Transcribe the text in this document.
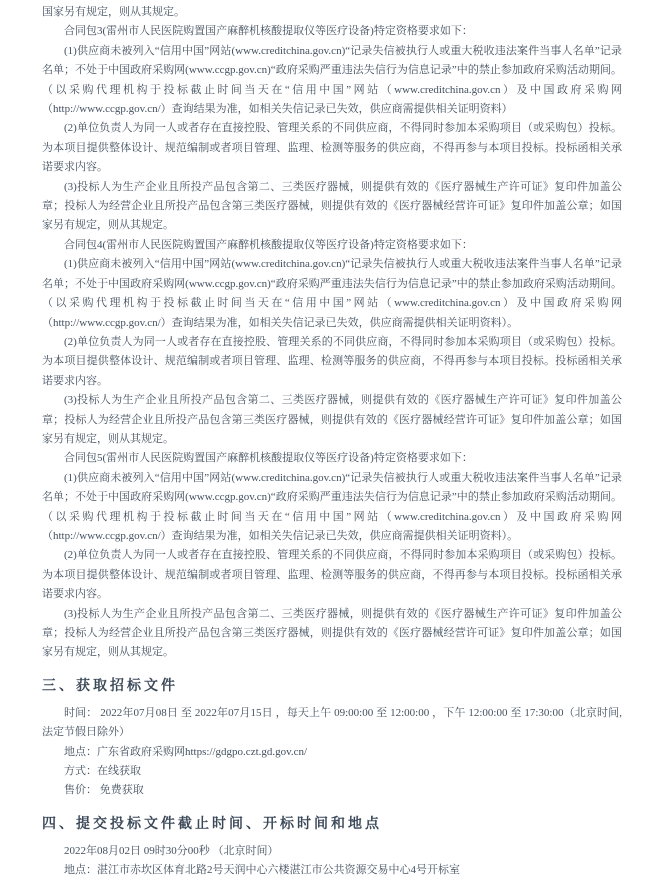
国家另有规定，则从其规定。
合同包3(雷州市人民医院购置国产麻醉机核酸提取仪等医疗设备)特定资格要求如下：
(1)供应商未被列入“信用中国”网站(www.creditchina.gov.cn)“记录失信被执行人或重大税收违法案件当事人名单”记录名单；不处于中国政府采购网(www.ccgp.gov.cn)“政府采购严重违法失信行为信息记录”中的禁止参加政府采购活动期间。（以采购代理机构于投标截止时间当天在“信用中国”网站（www.creditchina.gov.cn）及中国政府采购网（http://www.ccgp.gov.cn/）查询结果为准，如相关失信记录已失效，供应商需提供相关证明资料）
(2)单位负责人为同一人或者存在直接控股、管理关系的不同供应商，不得同时参加本采购项目（或采购包）投标。为本项目提供整体设计、规范编制或者项目管理、监理、检测等服务的供应商，不得再参与本项目投标。投标函相关承诺要求内容。
(3)投标人为生产企业且所投产品包含第二、三类医疗器械，则提供有效的《医疗器械生产许可证》复印件加盖公章；投标人为经营企业且所投产品包含第三类医疗器械，则提供有效的《医疗器械经营许可证》复印件加盖公章；如国家另有规定，则从其规定。
合同包4(雷州市人民医院购置国产麻醉机核酸提取仪等医疗设备)特定资格要求如下：
(1)供应商未被列入“信用中国”网站(www.creditchina.gov.cn)“记录失信被执行人或重大税收违法案件当事人名单”记录名单；不处于中国政府采购网(www.ccgp.gov.cn)“政府采购严重违法失信行为信息记录”中的禁止参加政府采购活动期间。（以采购代理机构于投标截止时间当天在“信用中国”网站（www.creditchina.gov.cn）及中国政府采购网（http://www.ccgp.gov.cn/）查询结果为准，如相关失信记录已失效，供应商需提供相关证明资料）。
(2)单位负责人为同一人或者存在直接控股、管理关系的不同供应商，不得同时参加本采购项目（或采购包）投标。为本项目提供整体设计、规范编制或者项目管理、监理、检测等服务的供应商，不得再参与本项目投标。投标函相关承诺要求内容。
(3)投标人为生产企业且所投产品包含第二、三类医疗器械，则提供有效的《医疗器械生产许可证》复印件加盖公章；投标人为经营企业且所投产品包含第三类医疗器械，则提供有效的《医疗器械经营许可证》复印件加盖公章；如国家另有规定，则从其规定。
合同包5(雷州市人民医院购置国产麻醉机核酸提取仪等医疗设备)特定资格要求如下：
(1)供应商未被列入“信用中国”网站(www.creditchina.gov.cn)“记录失信被执行人或重大税收违法案件当事人名单”记录名单；不处于中国政府采购网(www.ccgp.gov.cn)“政府采购严重违法失信行为信息记录”中的禁止参加政府采购活动期间。（以采购代理机构于投标截止时间当天在“信用中国”网站（www.creditchina.gov.cn）及中国政府采购网（http://www.ccgp.gov.cn/）查询结果为准，如相关失信记录已失效，供应商需提供相关证明资料）。
(2)单位负责人为同一人或者存在直接控股、管理关系的不同供应商，不得同时参加本采购项目（或采购包）投标。为本项目提供整体设计、规范编制或者项目管理、监理、检测等服务的供应商，不得再参与本项目投标。投标函相关承诺要求内容。
(3)投标人为生产企业且所投产品包含第二、三类医疗器械，则提供有效的《医疗器械生产许可证》复印件加盖公章；投标人为经营企业且所投产品包含第三类医疗器械，则提供有效的《医疗器械经营许可证》复印件加盖公章；如国家另有规定，则从其规定。
三、获取招标文件
时间： 2022年07月08日 至 2022年07月15日 ，每天上午 09:00:00 至 12:00:00 ，下午 12:00:00 至 17:30:00（北京时间,法定节假日除外）
地点：广东省政府采购网https://gdgpo.czt.gd.gov.cn/
方式：在线获取
售价： 免费获取
四、提交投标文件截止时间、开标时间和地点
2022年08月02日 09时30分00秒 （北京时间）
地点：湛江市赤坎区体育北路2号天润中心六楼湛江市公共资源交易中心4号开标室
